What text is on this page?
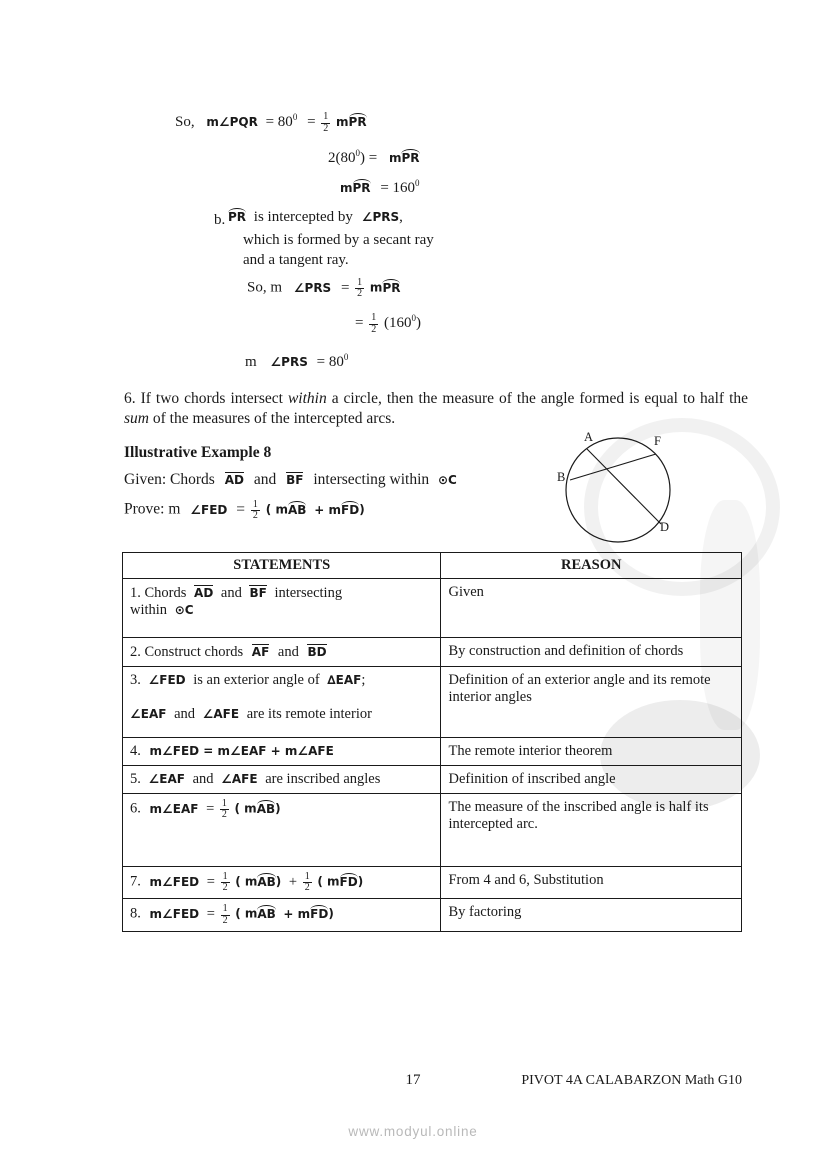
So, m∠PQR = $80^0 = \frac{1}{2}$ mPR
$2(80^0)$ = mPR
mPR = $160^0$
b. PR is intercepted by ∠PRS,
which is formed by a secant ray
and a tangent ray.
So, m ∠PRS = $\frac{1}{2}$ mPR
= $\frac{1}{2} (160^0)$
m ∠PRS = $80^0$
6. If two chords intersect within a circle, then the measure of the angle formed is equal to half the sum of the measures of the intercepted arcs.
Illustrative Example 8
Given: Chords AD and BF intersecting within ⊙C
Prove: m ∠FED = $\frac{1}{2}$ ( mAB + mFD)
A	F
B
D
STATEMENTS	REASON
1. Chords AD and BF intersecting
within ⊙C	Given
2. Construct chords AF and BD	By construction and definition of chords
3. ∠FED is an exterior angle of ∆EAF;

∠EAF and ∠AFE are its remote interior	Definition of an exterior angle and its remote interior angles
4. m∠FED = m∠EAF + m∠AFE	The remote interior theorem
5. ∠EAF and ∠AFE are inscribed angles	Definition of inscribed angle
6. m∠EAF = $\frac{1}{2}$ ( mAB)	The measure of the inscribed angle is half its intercepted arc.
7. m∠FED = $\frac{1}{2}$ ( $mAB) + \frac{1}{2}$ ( mFD)	From 4 and 6, Substitution
8. m∠FED = $\frac{1}{2}$ ( mAB + mFD)	By factoring
17	PIVOT 4A CALABARZON Math G10
www.modyul.online
